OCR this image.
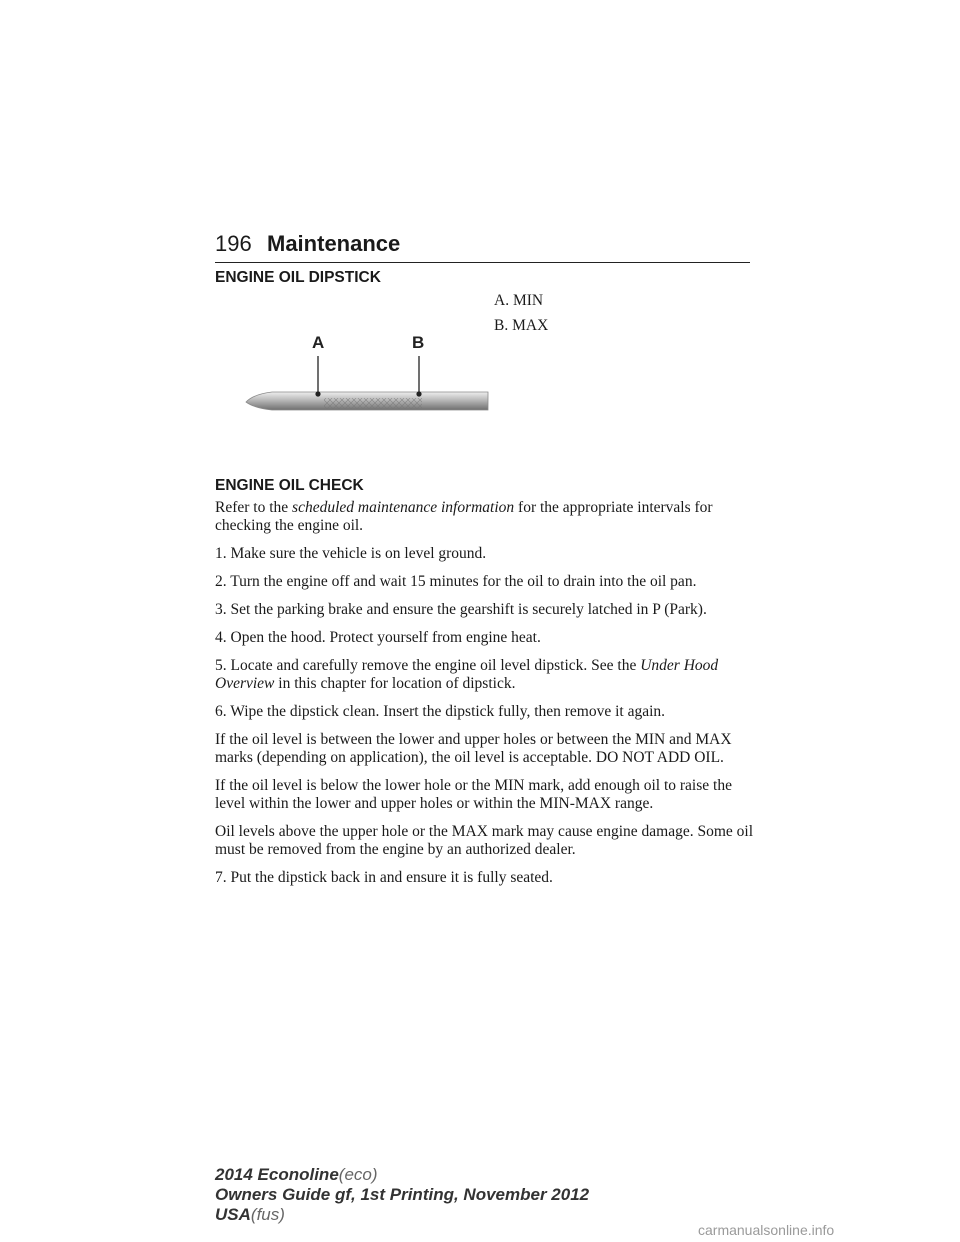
196 Maintenance
ENGINE OIL DIPSTICK
A. MIN
B. MAX
A	B
ENGINE OIL CHECK

Refer to the scheduled maintenance information for the appropriate intervals for checking the engine oil.

1. Make sure the vehicle is on level ground.

2. Turn the engine off and wait 15 minutes for the oil to drain into the oil pan.

3. Set the parking brake and ensure the gearshift is securely latched in P (Park).

4. Open the hood. Protect yourself from engine heat.

5. Locate and carefully remove the engine oil level dipstick. See the Under Hood Overview in this chapter for location of dipstick.

6. Wipe the dipstick clean. Insert the dipstick fully, then remove it again.

If the oil level is between the lower and upper holes or between the MIN and MAX marks (depending on application), the oil level is acceptable. DO NOT ADD OIL.

If the oil level is below the lower hole or the MIN mark, add enough oil to raise the level within the lower and upper holes or within the MIN-MAX range.

Oil levels above the upper hole or the MAX mark may cause engine damage. Some oil must be removed from the engine by an authorized dealer.

7. Put the dipstick back in and ensure it is fully seated.

2014 Econoline(eco)
Owners Guide gf, 1st Printing, November 2012
USA(fus)
carmanualsonline.info
